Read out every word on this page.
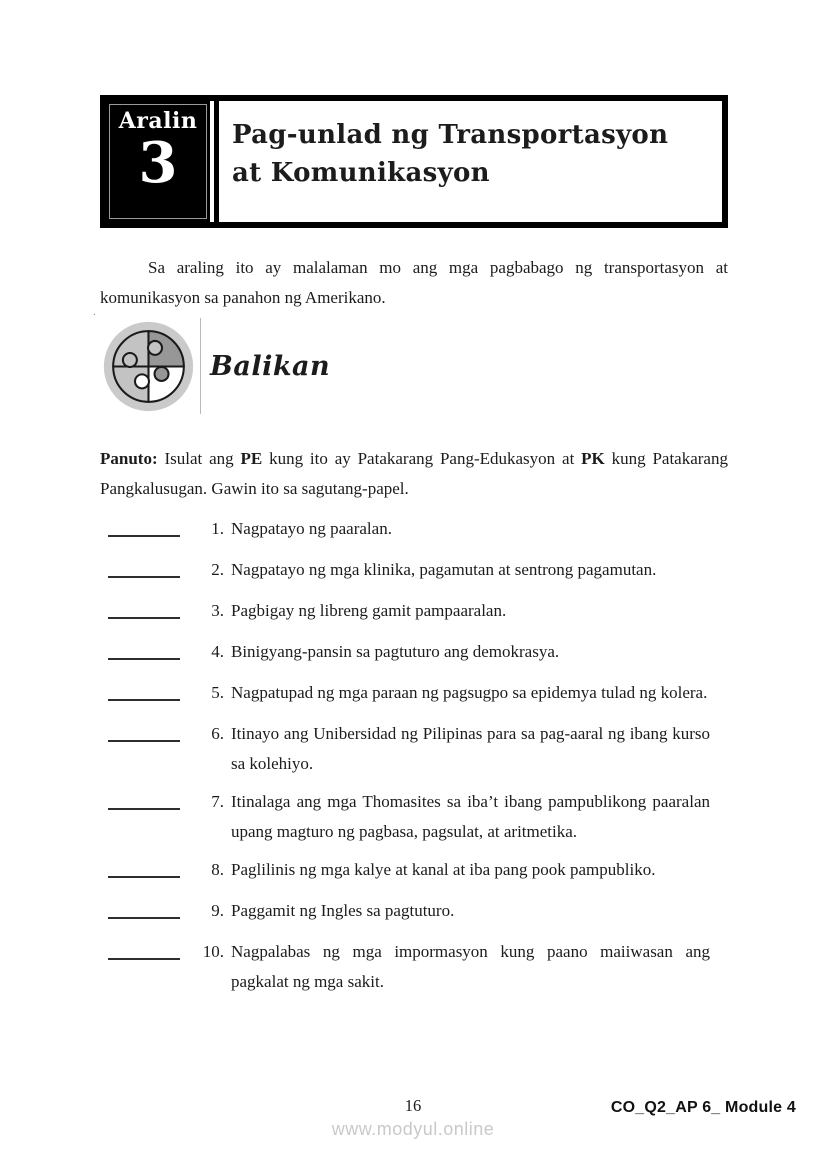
Aralin
3 Pag-unlad ng Transportasyon
at Komunikasyon

Sa araling ito ay malalaman mo ang mga pagbabago ng transportasyon at komunikasyon sa panahon ng Amerikano.

.
Balikan

Panuto: Isulat ang PE kung ito ay Patakarang Pang-Edukasyon at PK kung Patakarang Pangkalusugan. Gawin ito sa sagutang-papel.

1. Nagpatayo ng paaralan.
2. Nagpatayo ng mga klinika, pagamutan at sentrong pagamutan.
3. Pagbigay ng libreng gamit pampaaralan.
4. Binigyang-pansin sa pagtuturo ang demokrasya.
5. Nagpatupad ng mga paraan ng pagsugpo sa epidemya tulad ng kolera.
6. Itinayo ang Unibersidad ng Pilipinas para sa pag-aaral ng ibang kurso sa kolehiyo.
7. Itinalaga ang mga Thomasites sa iba’t ibang pampublikong paaralan upang magturo ng pagbasa, pagsulat, at aritmetika.
8. Paglilinis ng mga kalye at kanal at iba pang pook pampubliko.
9. Paggamit ng Ingles sa pagtuturo.
10. Nagpalabas ng mga impormasyon kung paano maiiwasan ang pagkalat ng mga sakit.
16
www.modyul.online
CO_Q2_AP 6_ Module 4
